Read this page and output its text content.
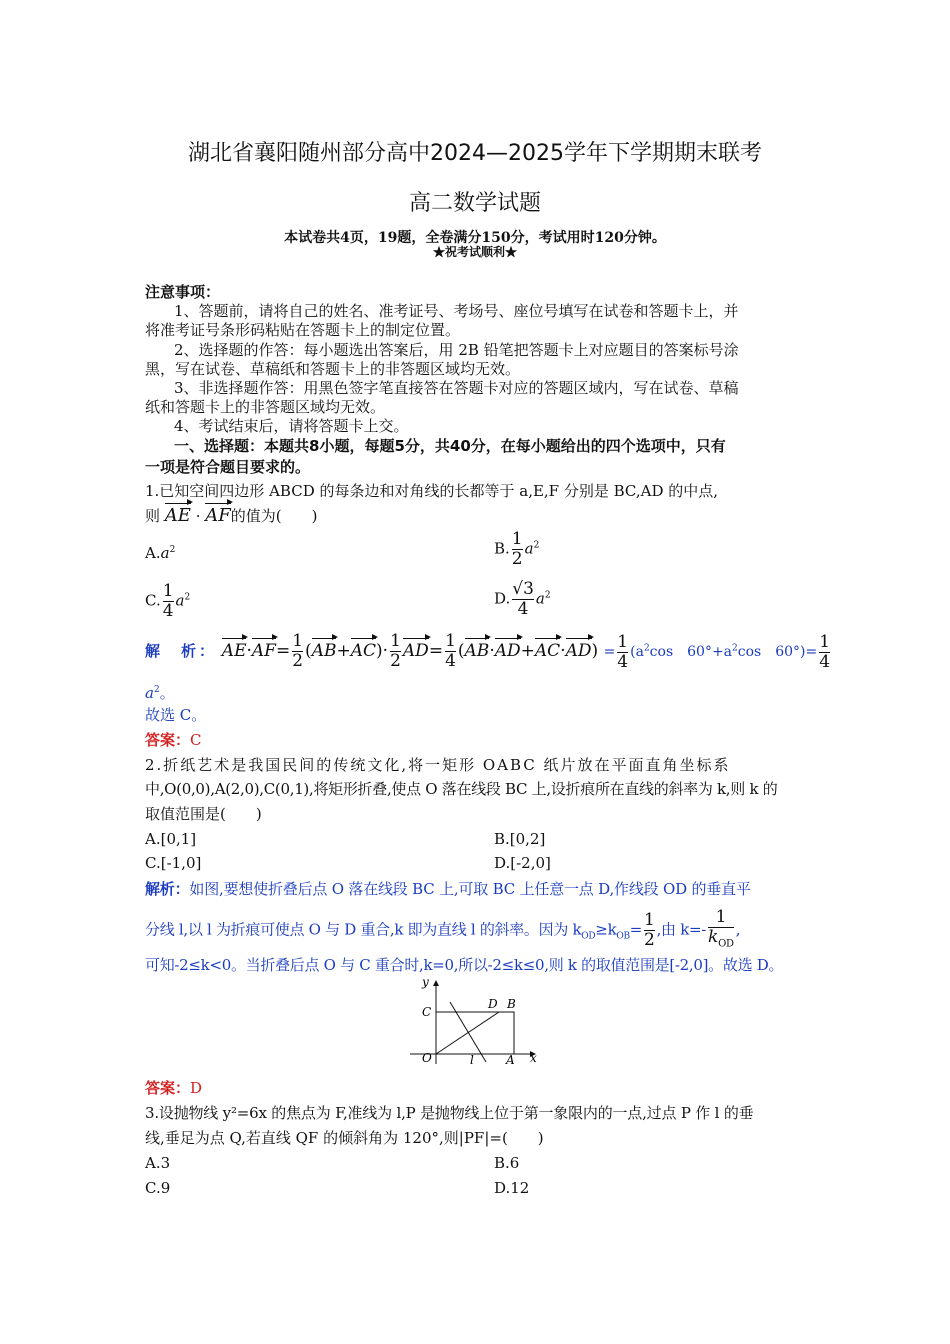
湖北省襄阳随州部分高中2024—2025学年下学期期末联考
高二数学试题
本试卷共4页，19题，全卷满分150分，考试用时120分钟。
★祝考试顺利★
注意事项：
1、答题前，请将自己的姓名、准考证号、考场号、座位号填写在试卷和答题卡上，并
将准考证号条形码粘贴在答题卡上的制定位置。
2、选择题的作答：每小题选出答案后，用 2B 铅笔把答题卡上对应题目的答案标号涂
黑，写在试卷、草稿纸和答题卡上的非答题区域均无效。
3、非选择题作答：用黑色签字笔直接答在答题卡对应的答题区域内，写在试卷、草稿
纸和答题卡上的非答题区域均无效。
4、考试结束后，请将答题卡上交。
一、选择题：本题共8小题，每题5分，共40分，在每小题给出的四个选项中，只有
一项是符合题目要求的。
1.已知空间四边形 ABCD 的每条边和对角线的长都等于 a,E,F 分别是 BC,AD 的中点,
则 AE · AF的值为(　　)
$A.a^2$	B. $\frac{1}{2} a^2$
C. $\frac{1}{4} a^2$	D. $\frac{√3}{4} a^2$
解　析： $AE\cdot AF= \frac{1}{2} (AB+AC)\cdot \frac{1}{2} AD= \frac{1}{4} (AB\cdot AD+AC\cdot AD) = \frac{1}{4} (a^2\cos$　$60^\circ+a^2\cos$　$60^\circ)= \frac{1}{4}$
$a^2$。
故选 C。
答案：C
2.折纸艺术是我国民间的传统文化,将一矩形 OABC 纸片放在平面直角坐标系
中,O(0,0),A(2,0),C(0,1),将矩形折叠,使点 O 落在线段 BC 上,设折痕所在直线的斜率为 k,则 k 的
取值范围是(　　)
A.[0,1]	B.[0,2]
C.[-1,0]	D.[-2,0]
解析：如图,要想使折叠后点 O 落在线段 BC 上,可取 BC 上任意一点 D,作线段 OD 的垂直平
分线 l,以 l 为折痕可使点 O 与 D 重合,k 即为直线 l 的斜率。因为 $k_{OD}\ge k_{OB}= \frac{1}{2}$ ,由 $k=- \frac{1}{k_{OD}}$ ,
可知-2≤k<0。当折叠后点 O 与 C 重合时,k=0,所以-2≤k≤0,则 k 的取值范围是[-2,0]。故选 D。
y
x
O	A
B
C
D
l
答案：D
3.设抛物线 y²=6x 的焦点为 F,准线为 l,P 是抛物线上位于第一象限内的一点,过点 P 作 l 的垂
线,垂足为点 Q,若直线 QF 的倾斜角为 120°,则|PF|=(　　)
A.3	B.6
C.9	D.12
